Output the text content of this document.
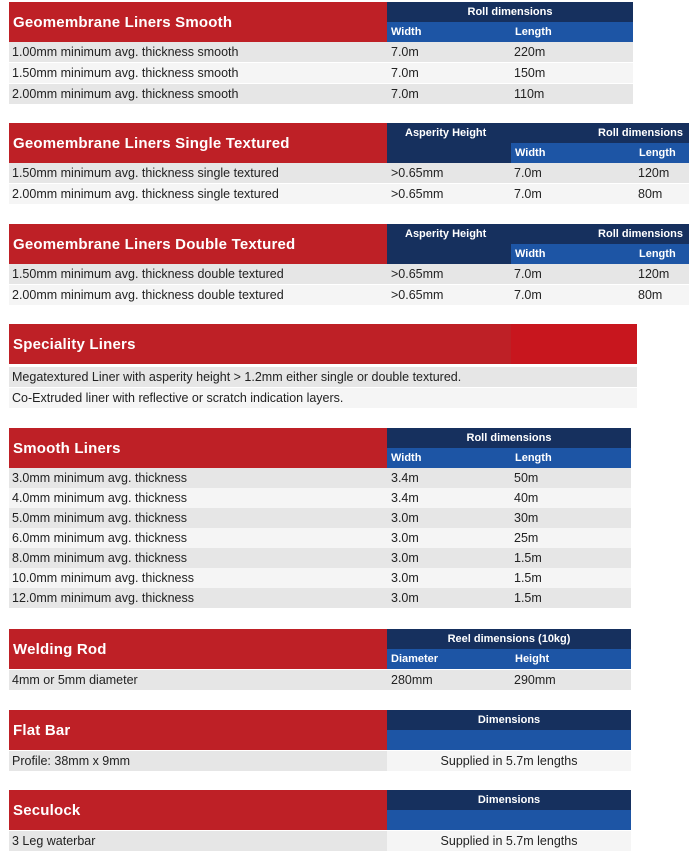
Geomembrane Liners Smooth
Roll dimensions
Width	Length
1.00mm minimum avg. thickness smooth	7.0m	220m
1.50mm minimum avg. thickness smooth	7.0m	150m
2.00mm minimum avg. thickness smooth	7.0m	110m
Geomembrane Liners Single Textured
Asperity Height	Roll dimensions
Width	Length
1.50mm minimum avg. thickness single textured	>0.65mm	7.0m	120m
2.00mm minimum avg. thickness single textured	>0.65mm	7.0m	80m
Geomembrane Liners Double Textured
Asperity Height	Roll dimensions
Width	Length
1.50mm minimum avg. thickness double textured	>0.65mm	7.0m	120m
2.00mm minimum avg. thickness double textured	>0.65mm	7.0m	80m
Speciality Liners
Megatextured Liner with asperity height > 1.2mm either single or double textured.
Co-Extruded liner with reflective or scratch indication layers.
Smooth Liners
Roll dimensions
Width	Length
3.0mm minimum avg. thickness	3.4m	50m
4.0mm minimum avg. thickness	3.4m	40m
5.0mm minimum avg. thickness	3.0m	30m
6.0mm minimum avg. thickness	3.0m	25m
8.0mm minimum avg. thickness	3.0m	1.5m
10.0mm minimum avg. thickness	3.0m	1.5m
12.0mm minimum avg. thickness	3.0m	1.5m
Welding Rod
Reel dimensions (10kg)
Diameter	Height
4mm or 5mm diameter	280mm	290mm
Flat Bar
Dimensions
Profile: 38mm x 9mm	Supplied in 5.7m lengths
Seculock
Dimensions
3 Leg waterbar	Supplied in 5.7m lengths
